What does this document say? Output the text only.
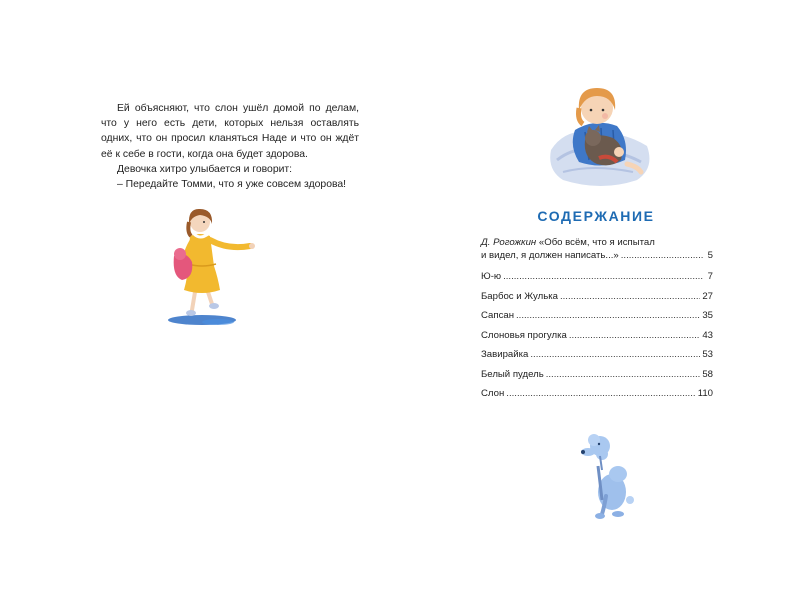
Ей объясняют, что слон ушёл домой по делам, что у него есть дети, которых нельзя оставлять одних, что он просил кланяться Наде и что он ждёт её к себе в гости, когда она будет здорова.

Девочка хитро улыбается и говорит:

– Передайте Томми, что я уже совсем здорова!

СОДЕРЖАНИЕ
Д. Рогожкин «Обо всём, что я испытал
и видел, я должен написать...» .....	5
Ю-ю .....	7
Барбос и Жулька .....	27
Сапсан .....	35
Слоновья прогулка .....	43
Завирайка .....	53
Белый пудель .....	58
Слон .....	110
